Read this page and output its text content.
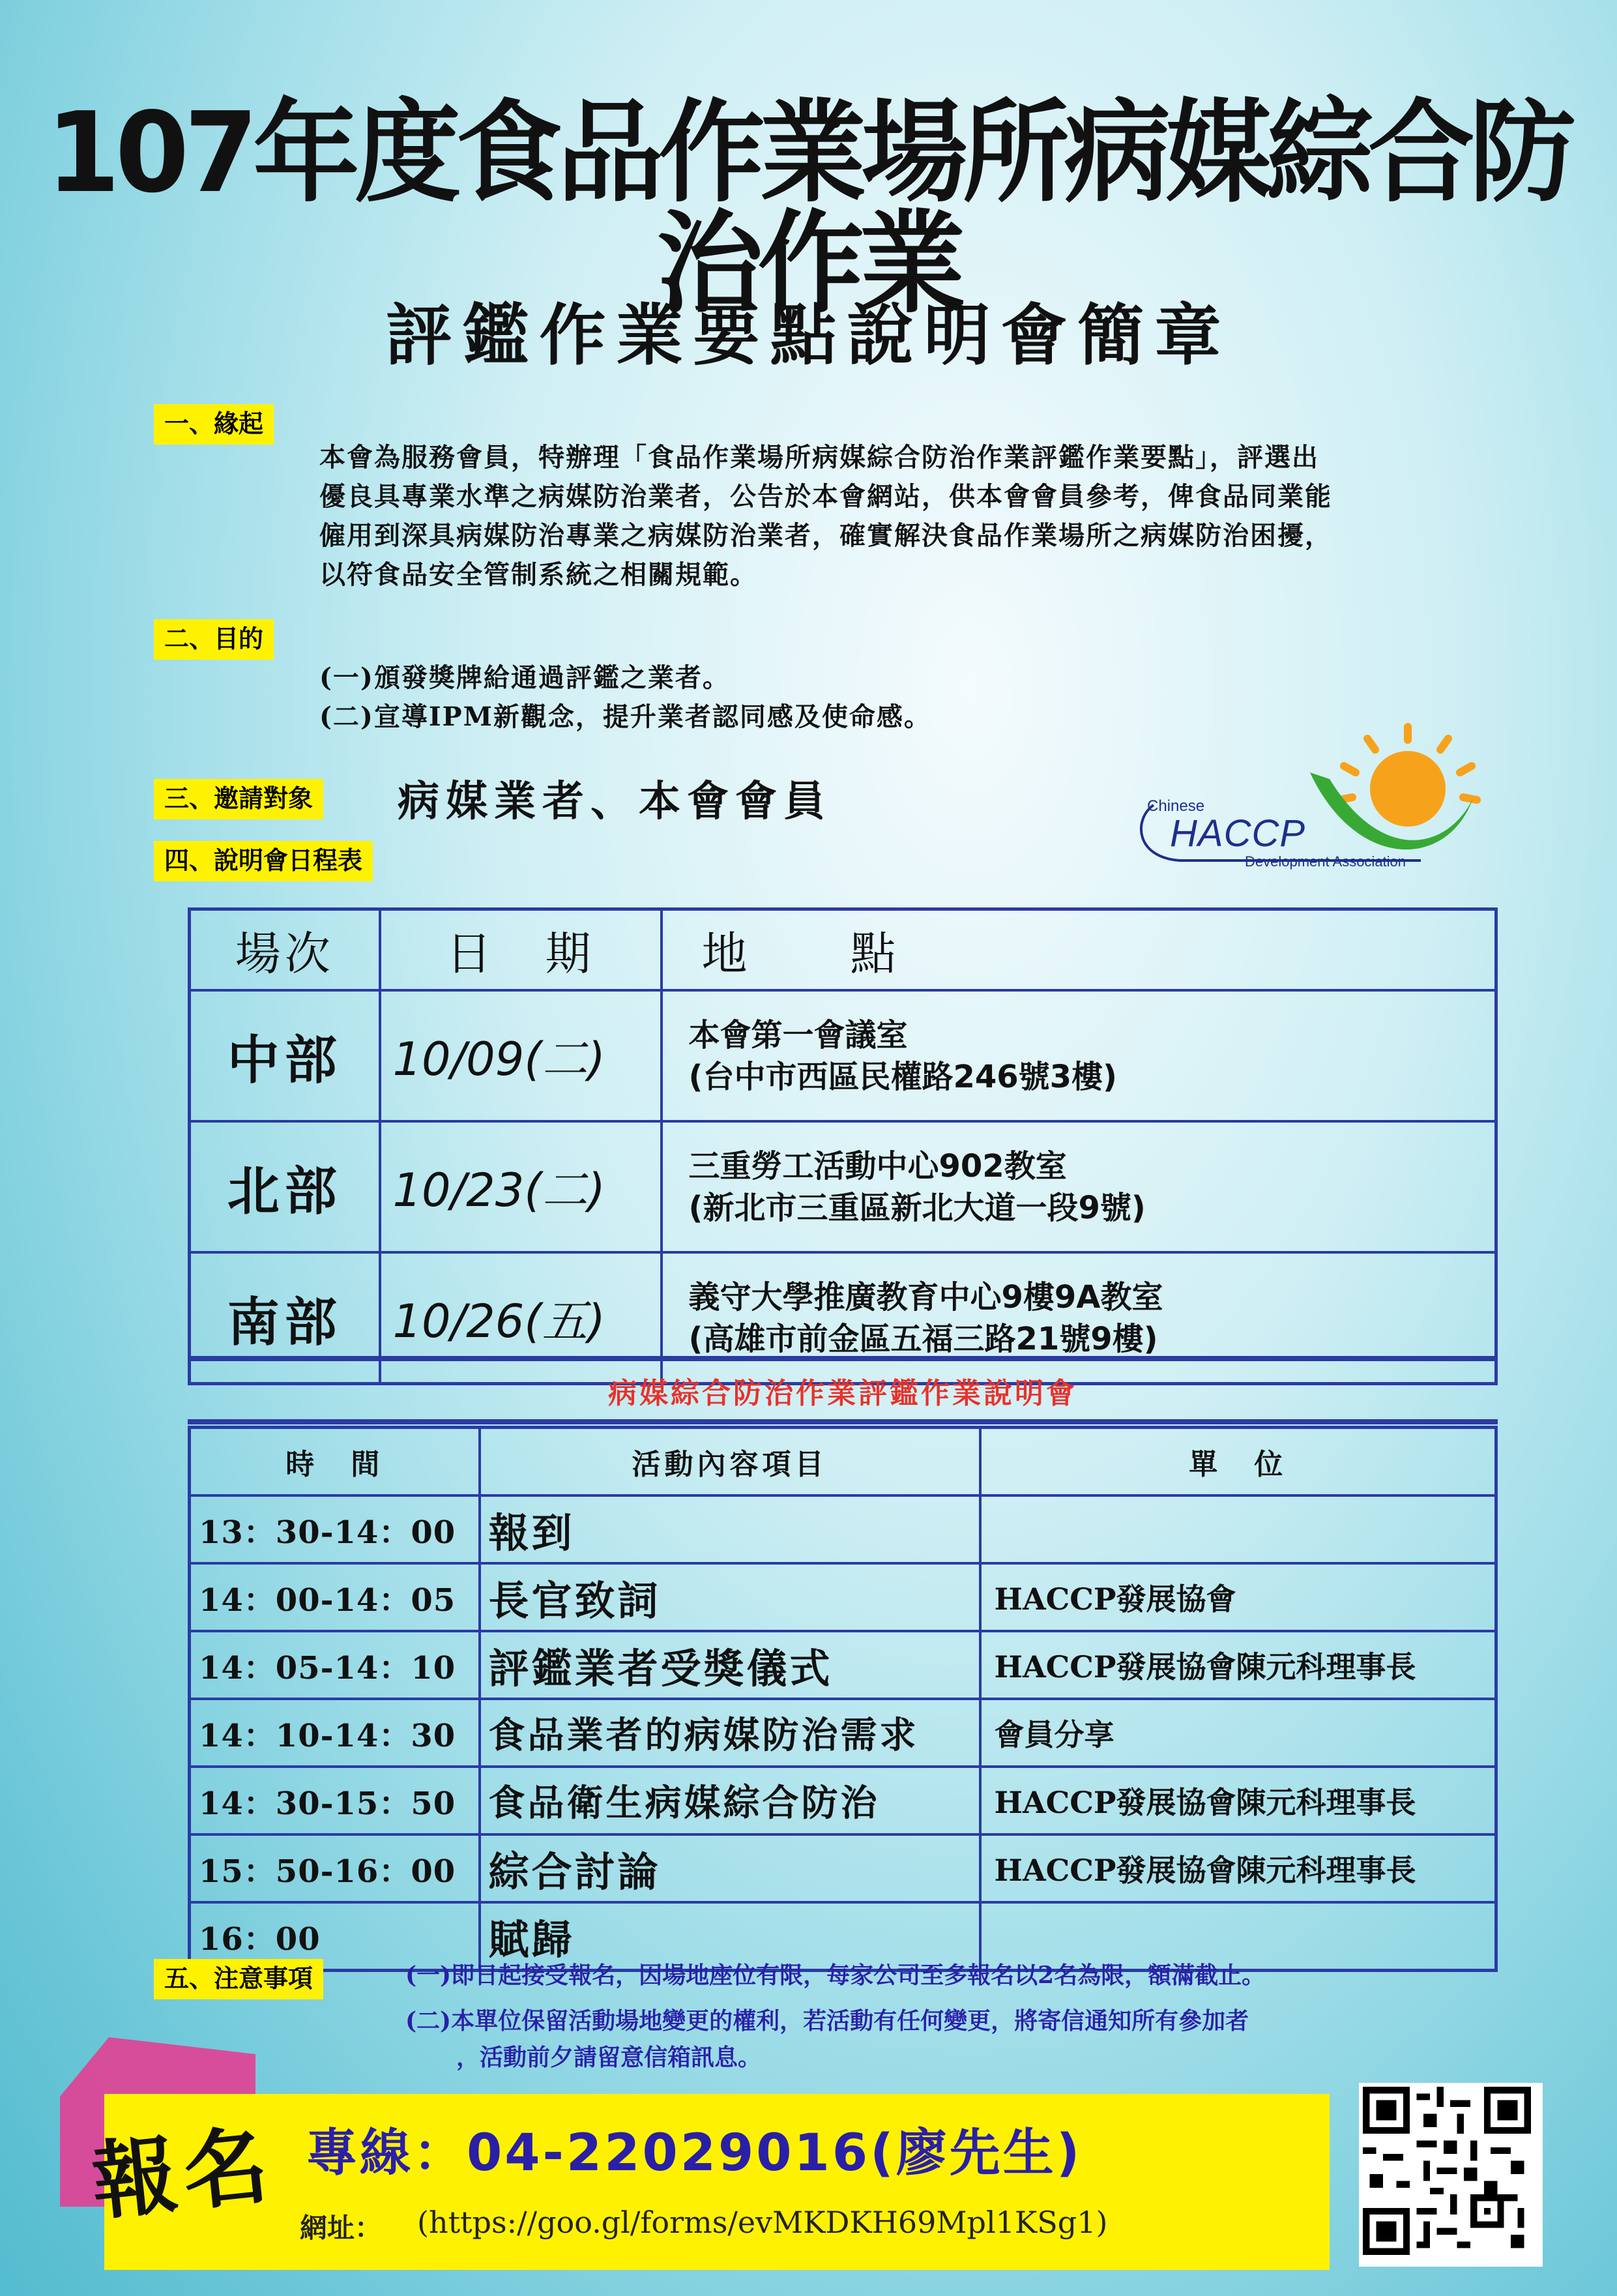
107年度食品作業場所病媒綜合防治作業
評鑑作業要點說明會簡章
一、緣起
本會為服務會員，特辦理「食品作業場所病媒綜合防治作業評鑑作業要點」，評選出
優良具專業水準之病媒防治業者，公告於本會網站，供本會會員參考，俾食品同業能
僱用到深具病媒防治專業之病媒防治業者，確實解決食品作業場所之病媒防治困擾，
以符食品安全管制系統之相關規範。
二、目的
(一)頒發獎牌給通過評鑑之業者。
(二)宣導IPM新觀念，提升業者認同感及使命感。
三、邀請對象 病媒業者、本會會員
四、說明會日程表
Chinese
HACCP
Development Association
場次	日　期	地　　點
中部	10/09(二)	本會第一會議室
(台中市西區民權路246號3樓)

北部	10/23(二)	三重勞工活動中心902教室
(新北市三重區新北大道一段9號)

南部	10/26(五)	義守大學推廣教育中心9樓9A教室
(高雄市前金區五福三路21號9樓)
病媒綜合防治作業評鑑作業說明會
時　間	活動內容項目	單　位
13：30-14：00	報到	
14：00-14：05	長官致詞	HACCP發展協會
14：05-14：10	評鑑業者受獎儀式	HACCP發展協會陳元科理事長
14：10-14：30	食品業者的病媒防治需求	會員分享
14：30-15：50	食品衛生病媒綜合防治	HACCP發展協會陳元科理事長
15：50-16：00	綜合討論	HACCP發展協會陳元科理事長
16：00	賦歸	
五、注意事項	(一)即日起接受報名，因場地座位有限，每家公司至多報名以2名為限，額滿截止。
(二)本單位保留活動場地變更的權利，若活動有任何變更，將寄信通知所有參加者
，活動前夕請留意信箱訊息。
報名 專線：04-22029016(廖先生)
網址： (https://goo.gl/forms/evMKDKH69Mpl1KSg1)
